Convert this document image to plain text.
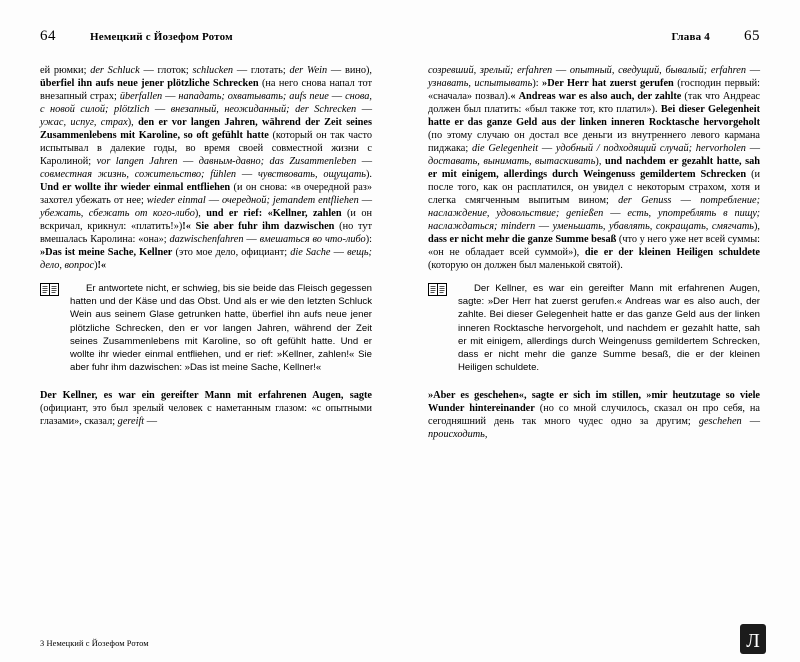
64	Немецкий с Йозефом Ротом

ей рюмки; der Schluck — глоток; schlucken — глотать; der Wein — вино), überfiel ihn aufs neue jener plötzliche Schrecken (на него снова напал тот внезапный страх; überfallen — нападать; охватывать; aufs neue — снова, с новой силой; plötzlich — внезапный, неожиданный; der Schrecken — ужас, испуг, страх), den er vor langen Jahren, während der Zeit seines Zusammenlebens mit Karoline, so oft gefühlt hatte (который он так часто испытывал в далекие годы, во время своей совместной жизни с Каролиной; vor langen Jahren — давным-давно; das Zusammenleben — совместная жизнь, сожительство; fühlen — чувствовать, ощущать). Und er wollte ihr wieder einmal entfliehen (и он снова: «в очередной раз» захотел убежать от нее; wieder einmal — очередной; jemandem entfliehen — убежать, сбежать от кого-либо), und er rief: «Kellner, zahlen (и он вскричал, крикнул: «платить!»)!« Sie aber fuhr ihm dazwischen (но тут вмешалась Каролина: «она»; dazwischenfahren — вмешаться во что-либо): »Das ist meine Sache, Kellner (это мое дело, официант; die Sache — вещь; дело, вопрос)!«

Er antwortete nicht, er schwieg, bis sie beide das Fleisch gegessen hatten und der Käse und das Obst. Und als er wie den letzten Schluck Wein aus seinem Glase getrunken hatte, überfiel ihn aufs neue jener plötzliche Schrecken, den er vor langen Jahren, während der Zeit seines Zusammenlebens mit Karoline, so oft gefühlt hatte. Und er wollte ihr wieder einmal entfliehen, und er rief: »Kellner, zahlen!« Sie aber fuhr ihm dazwischen: »Das ist meine Sache, Kellner!«

Der Kellner, es war ein gereifter Mann mit erfahrenen Augen, sagte (официант, это был зрелый человек с наметанным глазом: «с опытными глазами», сказал; gereift —

3 Немецкий с Йозефом Ротом
Глава 4 65

созревший, зрелый; erfahren — опытный, сведущий, бывалый; erfahren — узнавать, испытывать): »Der Herr hat zuerst gerufen (господин первый: «сначала» позвал).« Andreas war es also auch, der zahlte (так что Андреас должен был платить: «был также тот, кто платил»). Bei dieser Gelegenheit hatte er das ganze Geld aus der linken inneren Rocktasche hervorgeholt (по этому случаю он достал все деньги из внутреннего левого кармана пиджака; die Gelegenheit — удобный / подходящий случай; hervorholen — доставать, вынимать, вытаскивать), und nachdem er gezahlt hatte, sah er mit einigem, allerdings durch Weingenuss gemildertem Schrecken (и после того, как он расплатился, он увидел с некоторым страхом, хотя и слегка смягченным выпитым вином; der Genuss — потребление; наслаждение, удовольствие; genießen — есть, употреблять в пищу; наслаждаться; mindern — уменьшать, убавлять, сокращать, смягчать), dass er nicht mehr die ganze Summe besaß (что у него уже нет всей суммы: «он не обладает всей суммой»), die er der kleinen Heiligen schuldete (которую он должен был маленькой святой).

Der Kellner, es war ein gereifter Mann mit erfahrenen Augen, sagte: »Der Herr hat zuerst gerufen.« Andreas war es also auch, der zahlte. Bei dieser Gelegenheit hatte er das ganze Geld aus der linken inneren Rocktasche hervorgeholt, und nachdem er gezahlt hatte, sah er mit einigem, allerdings durch Weingenuss gemildertem Schrecken, dass er nicht mehr die ganze Summe besaß, die er der kleinen Heiligen schuldete.

»Aber es geschehen«, sagte er sich im stillen, »mir heutzutage so viele Wunder hintereinander (но со мной случилось, сказал он про себя, на сегодняшний день так много чудес одно за другим; geschehen — происходить,

Л
